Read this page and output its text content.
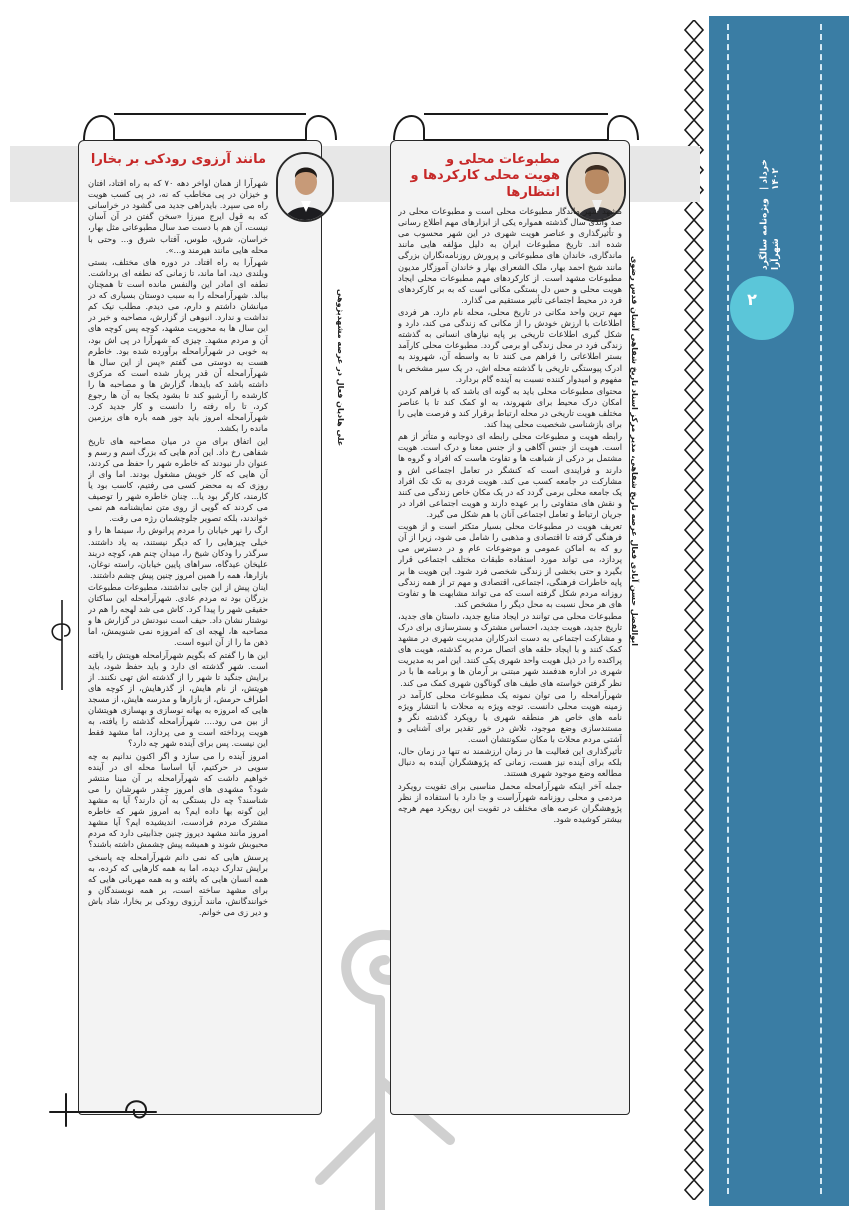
ویژه‌نامه سالگرد شهرآرا
خرداد | ۱۴۰۲
۲
مطبوعات محلی و هویت محلی کارکردها و انتظارها
ابوالفضل حسن آبادی فعال عرصه تاریخ شفاهی، مدیر مرکز اسناد تاریخ شفاهی آستان قدس رضوی

مشهد شهر ماندگار مطبوعات محلی است و مطبوعات محلی در صد واندی سال گذشته همواره یکی از ابزارهای مهم اطلاع رسانی و تأثیرگذاری و عناصر هویت شهری در این شهر محسوب می شده اند. تاریخ مطبوعات ایران به دلیل مؤلفه هایی مانند ماندگاری، خاندان های مطبوعاتی و پرورش روزنامه‌نگاران بزرگی مانند شیخ احمد بهار، ملک الشعرای بهار و خاندان آموزگار مدیون مطبوعات مشهد است. از کارکردهای مهم مطبوعات محلی ایجاد هویت محلی و حس دل بستگی مکانی است که به بر کارکردهای فرد در محیط اجتماعی تأثیر مستقیم می گذارد.

مهم ترین واحد مکانی در تاریخ محلی، محله نام دارد. هر فردی اطلاعات با ارزش خودش را از مکانی که زندگی می کند، دارد و شکل گیری اطلاعات تاریخی بر پایه نیازهای انسانی به گذشته زندگی فرد در محل زندگی او برمی گردد. مطبوعات محلی کارآمد بستر اطلاعاتی را فراهم می کنند تا به واسطه آن، شهروند به ادرک پیوستگی تاریخی با گذشته محله اش، در یک سیر مشخص با مفهوم و امیدوار کننده نسبت به آینده گام بردارد.

محتوای مطبوعات محلی باید به گونه ای باشد که با فراهم کردن امکان درک محیط برای شهروند، به او کمک کند تا با عناصر مختلف هویت تاریخی در محله ارتباط برقرار کند و فرصت هایی را برای بازشناسی شخصیت محلی پیدا کند.

رابطه هویت و مطبوعات محلی رابطه ای دوجانبه و متأثر از هم است. هویت از جنس آگاهی و از جنس معنا و درک است. هویت مشتمل بر درکی از شباهت ها و تفاوت هاست که افراد و گروه ها دارند و فرایندی است که کنشگر در تعامل اجتماعی اش و مشارکت در جامعه کسب می کند. هویت فردی به تک تک افراد یک جامعه محلی برمی گردد که در یک مکان خاص زندگی می کنند و نقش های متفاوتی را بر عهده دارند و هویت اجتماعی افراد در جریان ارتباط و تعامل اجتماعی آنان با هم شکل می گیرد.

تعریف هویت در مطبوعات محلی بسیار متکثر است و از هویت فرهنگی گرفته تا اقتصادی و مذهبی را شامل می شود، زیرا از آن رو که به اماکن عمومی و موضوعات عام و در دسترس می پردازد، می تواند مورد استفاده طبقات مختلف اجتماعی قرار بگیرد و حتی بخشی از زندگی شخصی فرد شود. این هویت ها بر پایه خاطرات فرهنگی، اجتماعی، اقتصادی و مهم تر از همه زندگی روزانه مردم شکل گرفته است که می تواند مشابهت ها و تفاوت های هر محل نسبت به محل دیگر را مشخص کند.

مطبوعات محلی می توانند در ایجاد منابع جدید، داستان های جدید، تاریخ جدید، هویت جدید، احساس مشترک و بسترسازی برای درک و مشارکت اجتماعی به دست اندرکاران مدیریت شهری در مشهد کمک کنند و با ایجاد حلقه های اتصال مردم به گذشته، هویت های پراکنده را در ذیل هویت واحد شهری یکی کنند. این امر به مدیریت شهری در اداره هدفمند شهر مبتنی بر آرمان ها و برنامه ها با در نظر گرفتن خواسته های طیف های گوناگون شهری کمک می کند.

شهرآرامحله را می توان نمونه یک مطبوعات محلی کارآمد در زمینه هویت محلی دانست. توجه ویژه به محلات با انتشار ویژه نامه های خاص هر منطقه شهری با رویکرد گذشته نگر و مستندسازی وضع موجود، تلاش در خور تقدیر برای آشنایی و آشتی مردم محلات با مکان سکونتشان است.

تأثیرگذاری این فعالیت ها در زمان ارزشمند نه تنها در زمان حال، بلکه برای آینده نیز هست، زمانی که پژوهشگران آینده به دنبال مطالعه وضع موجود شهری هستند.

جمله آخر اینکه شهرآرامحله محمل مناسبی برای تقویت رویکرد مردمی و محلی روزنامه شهرآراست و جا دارد با استفاده از نظر پژوهشگران عرصه های مختلف در تقویت این رویکرد مهم هرچه بیشتر کوشیده شود.

مانند آرزوی رودکی بر بخارا
علی هادیان فعال در عرصه مشهدپژوهی

شهرآرا از همان اواخر دهه ۷۰ که به راه افتاد، افتان و خیزان در پی مخاطب که نه، در پی کسب هویت راه می سپرد. بایدراهی جدید می گشود در خراسانی که به قول ایرج میرزا «سخن گفتن در آن آسان نیست، آن هم با دست صد سال مطبوعاتی مثل بهار، خراسان، شرق، طوس، آفتاب شرق و... وحتی با محله هایی مانند هیرمند و...».

شهرآرا به راه افتاد. در دوره های مختلف، بستی وبلندی دید، اما ماند، تا زمانی که نطفه ای برداشت. نطفه ای امادر این والنفس مانده است تا همچنان ببالد. شهرآرامحله را به سبب دوستان بسیاری که در میانشان داشتم و دارم، می دیدم. مطلب نیک کم نداشت و ندارد. انبوهی از گزارش، مصاحبه و خبر در این سال ها به محوریت مشهد، کوچه پس کوچه های آن و مردم مشهد. چیزی که شهرآرا در پی اش بود، به خوبی در شهرآرامحله برآورده شده بود. خاطرم هست به دوستی می گفتم «پس از این سال ها شهرآرامحله آن قدر پربار شده است که مرکزی داشته باشد که بایدها، گزارش ها و مصاحبه ها را کارشده را آرشیو کند تا بشود یکجا به آن ها رجوع کرد، تا راه رفته را دانست و کار جدید کرد. شهرآرامحله امروز باید جور همه باره های برزمین مانده را بکشد.

این اتفاق برای من در میان مصاحبه های تاریخ شفاهی رخ داد. این آدم هایی که بزرگ اسم و رسم و عنوان دار نبودند که خاطره شهر را حفظ می کردند، آن هایی که کار خویش مشغول بودند. اما وای از روزی که به محضر کسی می رفتیم، کاسب بود یا کارمند، کارگر بود یا... چنان خاطره شهر را توصیف می کردند که گویی از روی متن نمایشنامه هم نمی خواندند، بلکه تصویر جلوچشمان رژه می رفت.

ارگ را نهر خیابان را مردم پرانوش را، سینما ها را و خیلی چیزهایی را که دیگر نیستند، به یاد داشتند. سرگذر را ودکان شیخ را، میدان چنم هم، کوچه دربند علیخان عیدگاه، سراهای پایین خیابان، راسته نوغان، بازارها، همه را همین امروز چنین پیش چشم داشتند.

اینان پیش از این جایی نداشتند، مطبوعات مطبوعات بزرگان بود نه مردم عادی. شهرآرامحله این ساکتان حقیقی شهر را پیدا کرد. کاش می شد لهجه را هم در نوشتار نشان داد. حیف است نبودنش در گزارش ها و مصاحبه ها، لهجه ای که امروزه نمی شنویمش، اما ذهن ما را از آن انبوه است.

این ها را گفتم که بگویم شهرآرامحله هویتش را یافته است. شهر گذشته ای دارد و باید حفظ شود، باید برایش جنگید تا شهر را از گذشته اش تهی نکنند. از هویتش، از نام هایش، از گذرهایش، از کوچه های اطراف حرمش، از بازارها و مدرسه هایش، از مسجد هایی که امروزه به بهانه نوسازی و بهسازی هویتشان از بین می رود.... شهرآرامحله گذشته را یافته، به هویت پرداخته است و می پردازد، اما مشهد فقط این نیست. پس برای آینده شهر چه دارد؟

امروز آینده را می سازد و اگر اکنون ندانیم به چه سویی در حرکتیم، آیا اساسا محله ای در آینده خواهیم داشت که شهرآرامحله بر آن مبنا منتشر شود؟ مشهدی های امروز چقدر شهرشان را می شناسند؟ چه دل بستگی به آن دارند؟ آیا به مشهد این گونه بها داده ایم؟ به امروز شهر که خاطره مشترک مردم فرادست، اندیشیده ایم؟ آیا مشهد امروز مانند مشهد دیروز چنین جذابیتی دارد که مردم محبوبش شوند و همیشه پیش چشمش داشته باشند؟

پرسش هایی که نمی دانم شهرآرامحله چه پاسخی برایش تدارک دیده، اما به همه کارهایی که کرده، به همه انسان هایی که یافته و به همه مهربانی هایی که برای مشهد ساخته است، بر همه نوبسندگان و خوانندگانش، مانند آرزوی رودکی بر بخارا، شاد باش و دیر زی می خوانم.
